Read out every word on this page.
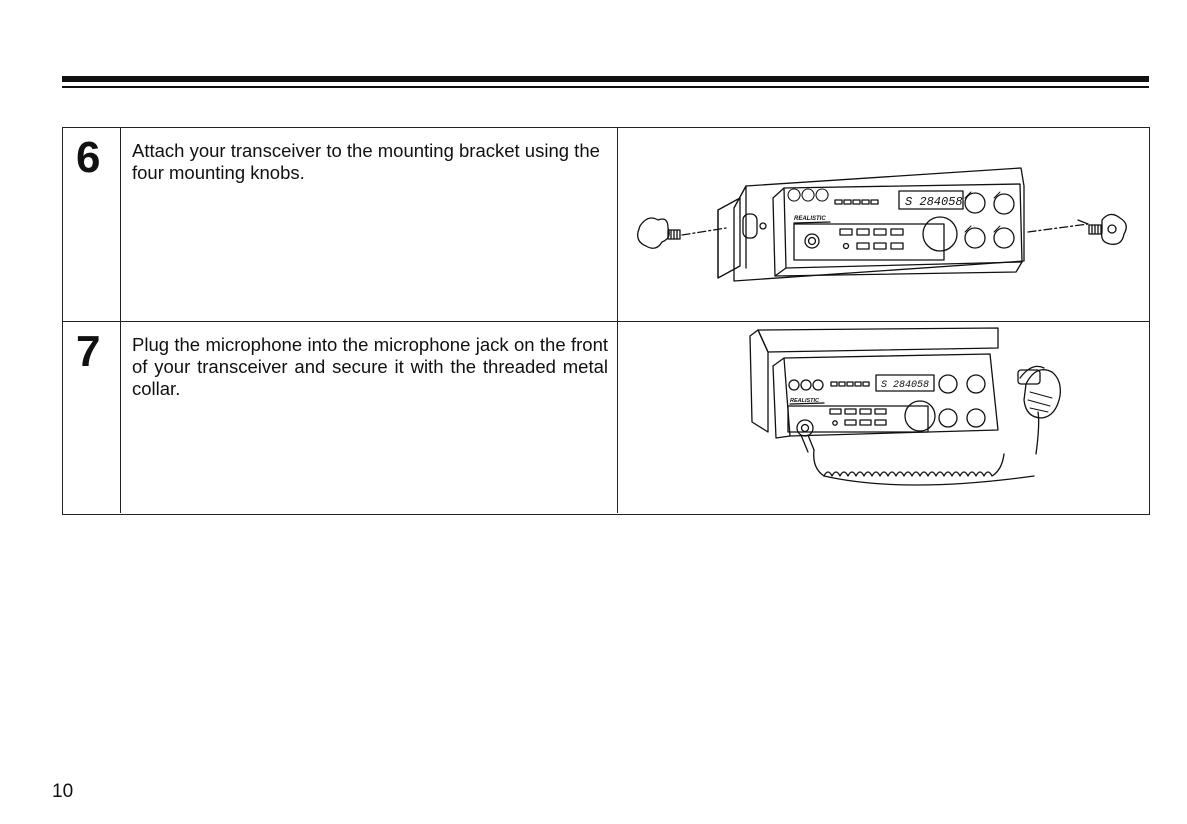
6 Attach your transceiver to the mounting bracket using the four mounting knobs.
S 284058
REALISTIC
7 Plug the microphone into the microphone jack on the front of your transceiver and secure it with the threaded metal collar.	S 284058
REALISTIC
10
